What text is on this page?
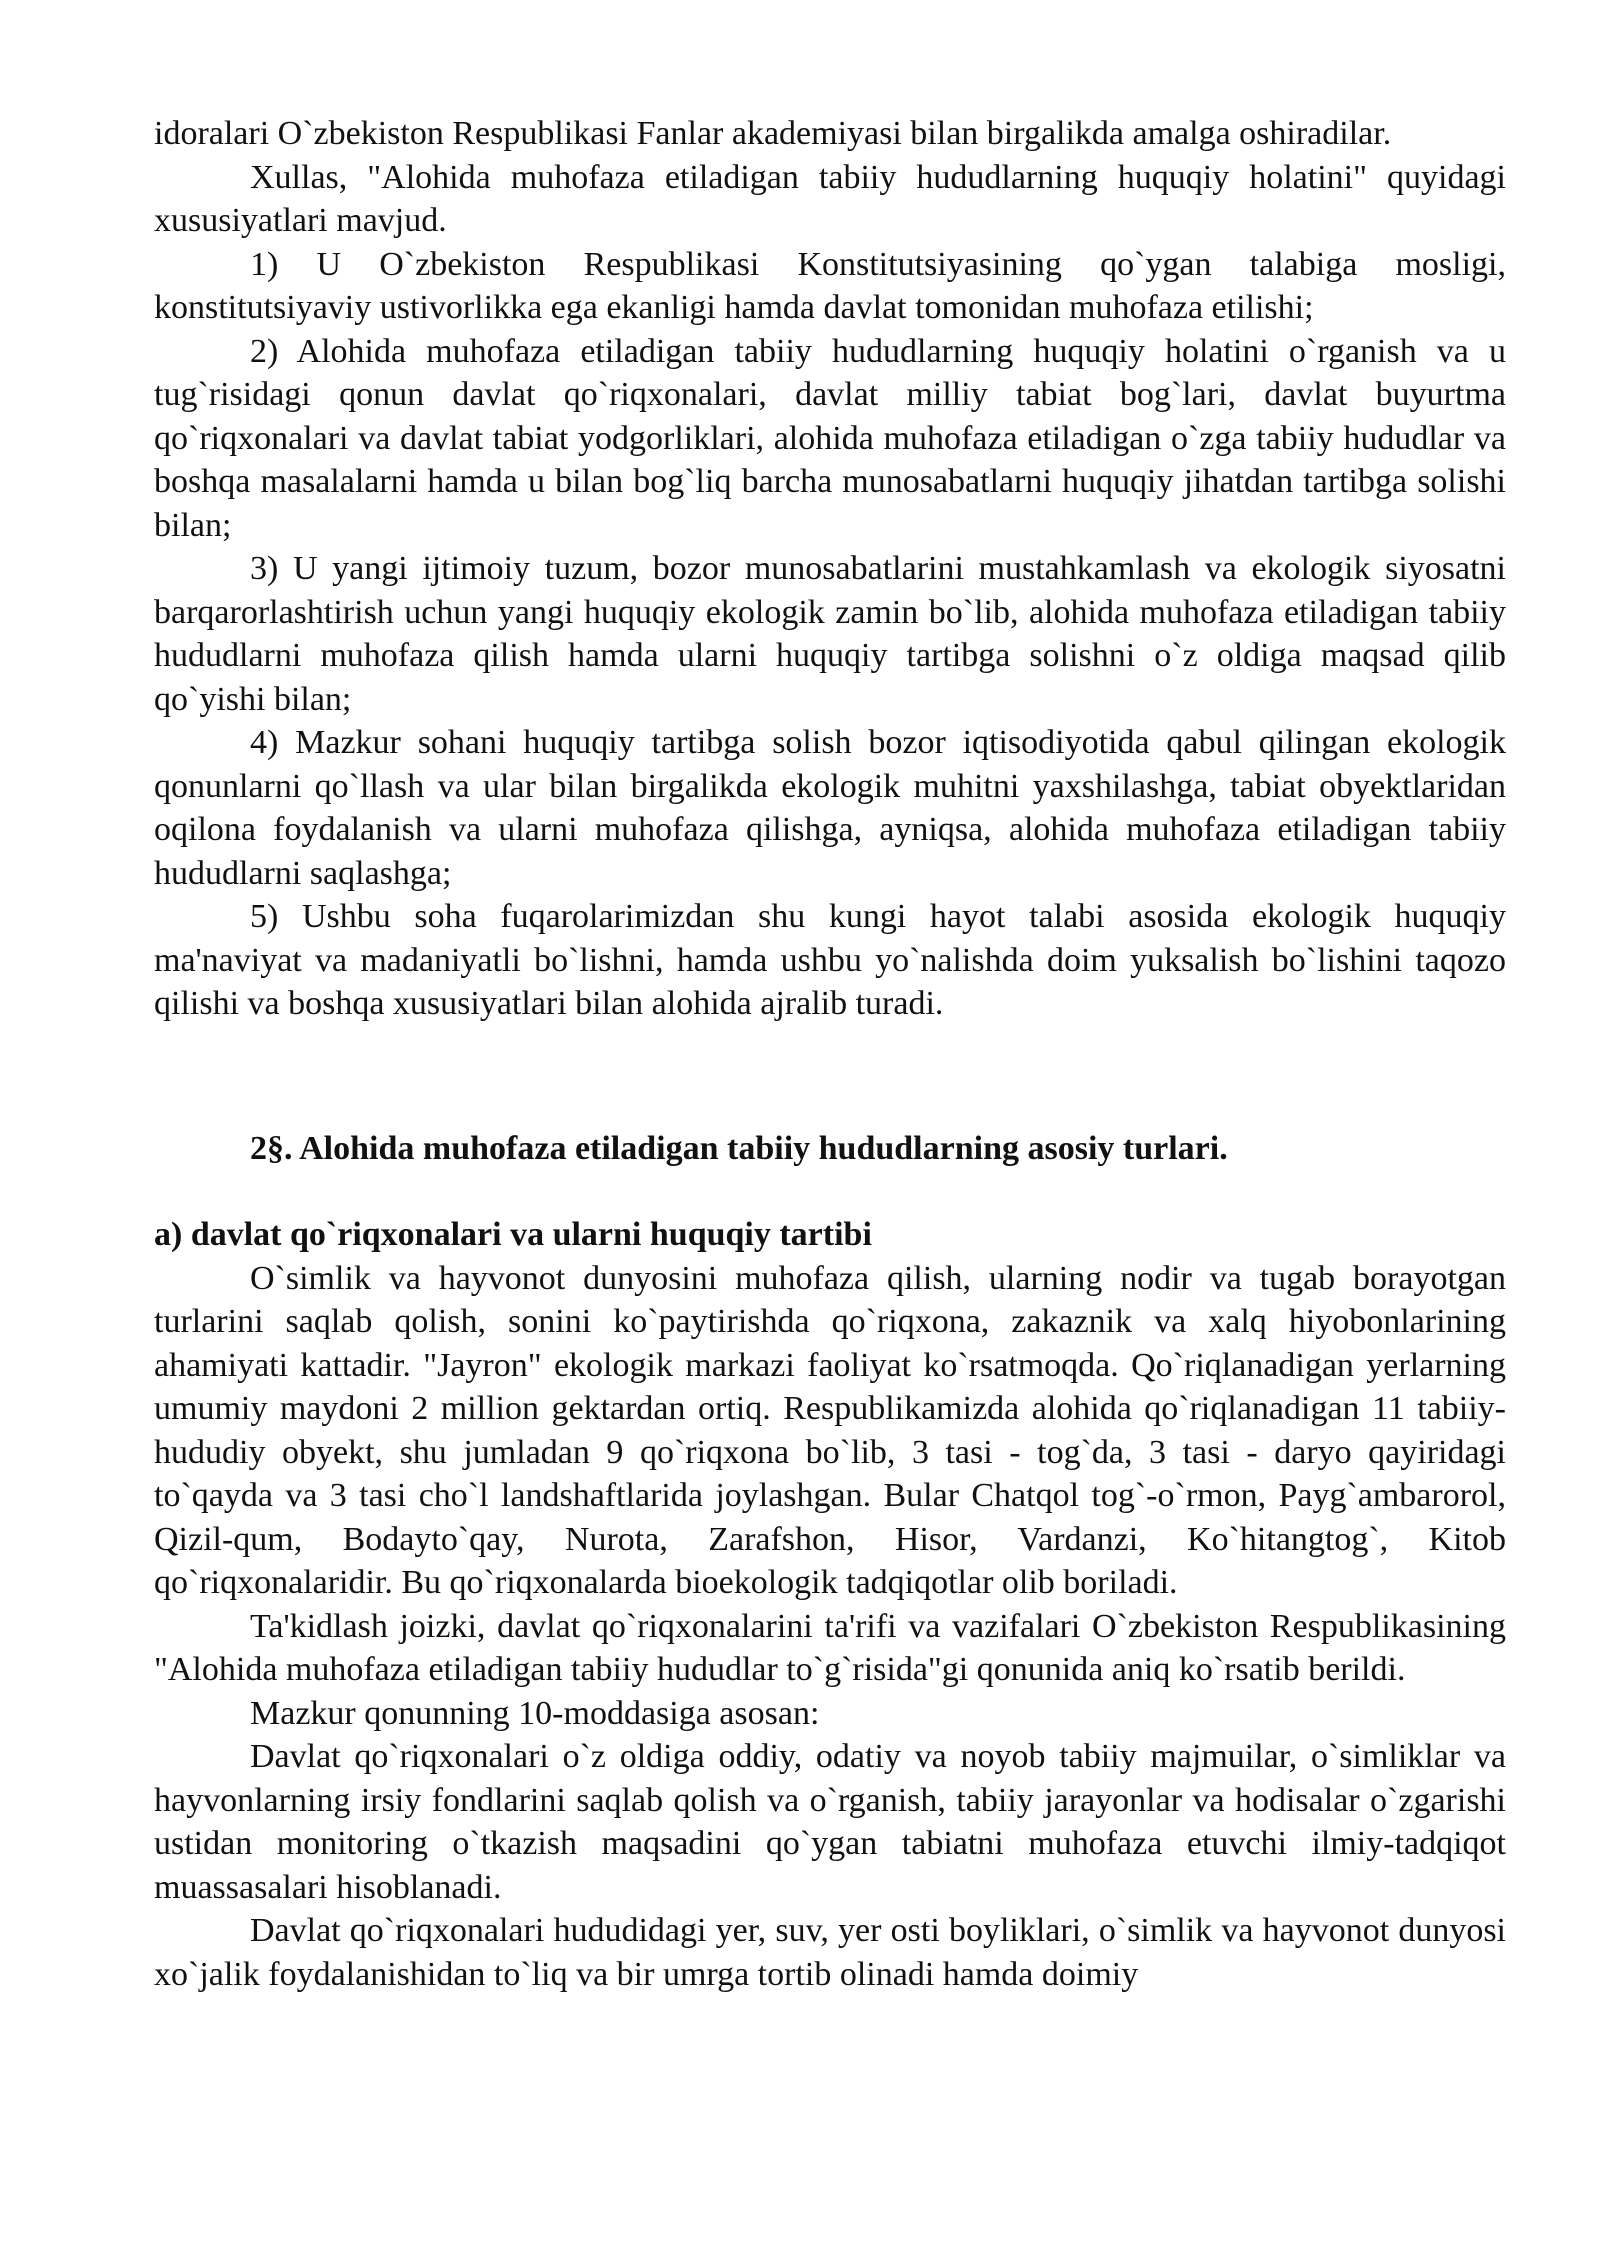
idoralari O`zbekiston Respublikasi Fanlar akademiyasi bilan birgalikda amalga oshiradilar.

Xullas, "Alohida muhofaza etiladigan tabiiy hududlarning huquqiy holatini" quyidagi xususiyatlari mavjud.

1) U O`zbekiston Respublikasi Konstitutsiyasining qo`ygan talabiga mosligi, konstitutsiyaviy ustivorlikka ega ekanligi hamda davlat tomonidan muhofaza etilishi;

2) Alohida muhofaza etiladigan tabiiy hududlarning huquqiy holatini o`rganish va u tug`risidagi qonun davlat qo`riqxonalari, davlat milliy tabiat bog`lari, davlat buyurtma qo`riqxonalari va davlat tabiat yodgorliklari, alohida muhofaza etiladigan o`zga tabiiy hududlar va boshqa masalalarni hamda u bilan bog`liq barcha munosabatlarni huquqiy jihatdan tartibga solishi bilan;

3) U yangi ijtimoiy tuzum, bozor munosabatlarini mustahkamlash va ekologik siyosatni barqarorlashtirish uchun yangi huquqiy ekologik zamin bo`lib, alohida muhofaza etiladigan tabiiy hududlarni muhofaza qilish hamda ularni huquqiy tartibga solishni o`z oldiga maqsad qilib qo`yishi bilan;

4) Mazkur sohani huquqiy tartibga solish bozor iqtisodiyotida qabul qilingan ekologik qonunlarni qo`llash va ular bilan birgalikda ekologik muhitni yaxshilashga, tabiat obyektlaridan oqilona foydalanish va ularni muhofaza qilishga, ayniqsa, alohida muhofaza etiladigan tabiiy hududlarni saqlashga;

5) Ushbu soha fuqarolarimizdan shu kungi hayot talabi asosida ekologik huquqiy ma'naviyat va madaniyatli bo`lishni, hamda ushbu yo`nalishda doim yuksalish bo`lishini taqozo qilishi va boshqa xususiyatlari bilan alohida ajralib turadi.

2§. Alohida muhofaza etiladigan tabiiy hududlarning asosiy turlari.
a) davlat qo`riqxonalari va ularni huquqiy tartibi

O`simlik va hayvonot dunyosini muhofaza qilish, ularning nodir va tugab borayotgan turlarini saqlab qolish, sonini ko`paytirishda qo`riqxona, zakaznik va xalq hiyobonlarining ahamiyati kattadir. "Jayron" ekologik markazi faoliyat ko`rsatmoqda. Qo`riqlanadigan yerlarning umumiy maydoni 2 million gektardan ortiq. Respublikamizda alohida qo`riqlanadigan 11 tabiiy-hududiy obyekt, shu jumladan 9 qo`riqxona bo`lib, 3 tasi - tog`da, 3 tasi - daryo qayiridagi to`qayda va 3 tasi cho`l landshaftlarida joylashgan. Bular Chatqol tog`-o`rmon, Payg`ambarorol, Qizil-qum, Bodayto`qay, Nurota, Zarafshon, Hisor, Vardanzi, Ko`hitangtog`, Kitob qo`riqxonalaridir. Bu qo`riqxonalarda bioekologik tadqiqotlar olib boriladi.

Ta'kidlash joizki, davlat qo`riqxonalarini ta'rifi va vazifalari O`zbekiston Respublikasining "Alohida muhofaza etiladigan tabiiy hududlar to`g`risida"gi qonunida aniq ko`rsatib berildi.

Mazkur qonunning 10-moddasiga asosan:

Davlat qo`riqxonalari o`z oldiga oddiy, odatiy va noyob tabiiy majmuilar, o`simliklar va hayvonlarning irsiy fondlarini saqlab qolish va o`rganish, tabiiy jarayonlar va hodisalar o`zgarishi ustidan monitoring o`tkazish maqsadini qo`ygan tabiatni muhofaza etuvchi ilmiy-tadqiqot muassasalari hisoblanadi.

Davlat qo`riqxonalari hududidagi yer, suv, yer osti boyliklari, o`simlik va hayvonot dunyosi xo`jalik foydalanishidan to`liq va bir umrga tortib olinadi hamda doimiy
